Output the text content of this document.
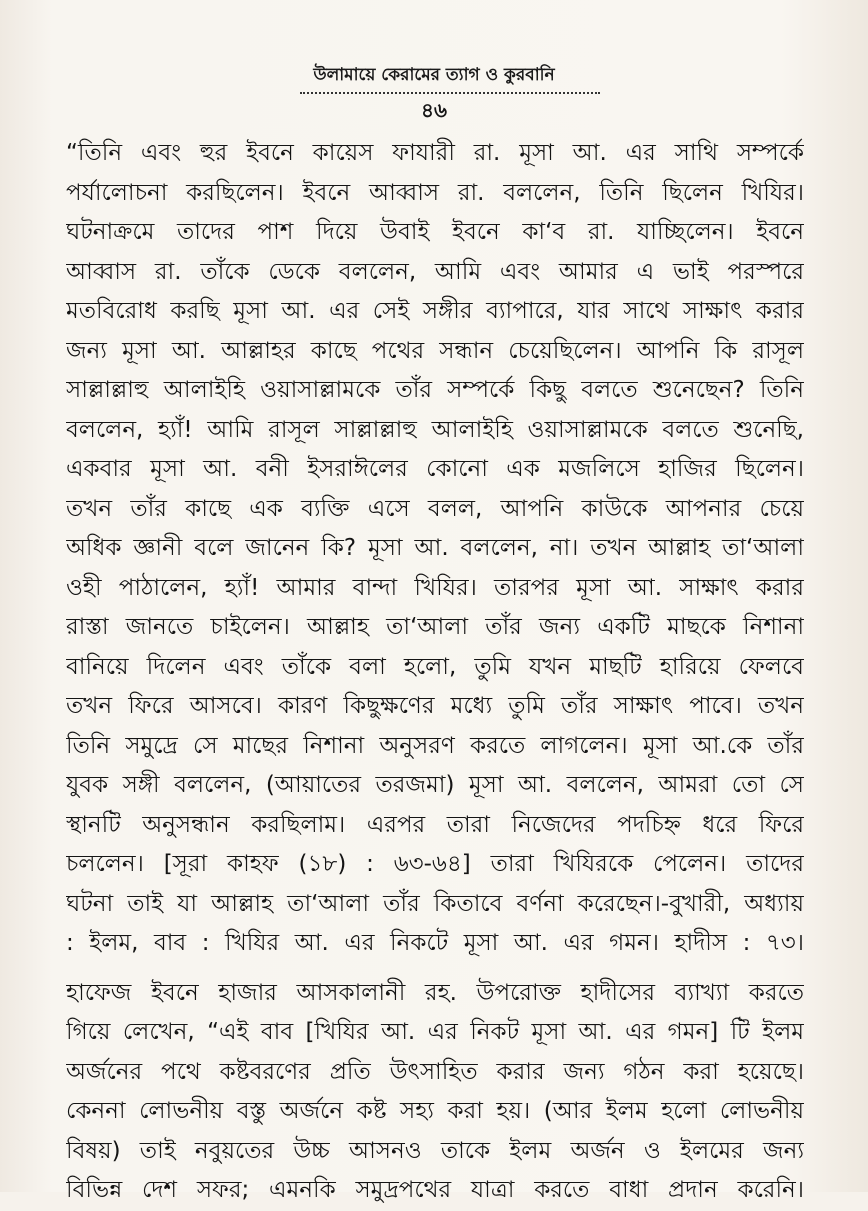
উলামায়ে কেরামের ত্যাগ ও কুরবানি
৪৬
“তিনি এবং হুর ইবনে কায়েস ফাযারী রা. মূসা আ. এর সাথি সম্পর্কে
পর্যালোচনা করছিলেন। ইবনে আব্বাস রা. বললেন, তিনি ছিলেন খিযির।
ঘটনাক্রমে তাদের পাশ দিয়ে উবাই ইবনে কা‘ব রা. যাচ্ছিলেন। ইবনে
আব্বাস রা. তাঁকে ডেকে বললেন, আমি এবং আমার এ ভাই পরস্পরে
মতবিরোধ করছি মূসা আ. এর সেই সঙ্গীর ব্যাপারে, যার সাথে সাক্ষাৎ করার
জন্য মূসা আ. আল্লাহর কাছে পথের সন্ধান চেয়েছিলেন। আপনি কি রাসূল
সাল্লাল্লাহু আলাইহি ওয়াসাল্লামকে তাঁর সম্পর্কে কিছু বলতে শুনেছেন? তিনি
বললেন, হ্যাঁ! আমি রাসূল সাল্লাল্লাহু আলাইহি ওয়াসাল্লামকে বলতে শুনেছি,
একবার মূসা আ. বনী ইসরাঈলের কোনো এক মজলিসে হাজির ছিলেন।
তখন তাঁর কাছে এক ব্যক্তি এসে বলল, আপনি কাউকে আপনার চেয়ে
অধিক জ্ঞানী বলে জানেন কি? মূসা আ. বললেন, না। তখন আল্লাহ তা‘আলা
ওহী পাঠালেন, হ্যাঁ! আমার বান্দা খিযির। তারপর মূসা আ. সাক্ষাৎ করার
রাস্তা জানতে চাইলেন। আল্লাহ তা‘আলা তাঁর জন্য একটি মাছকে নিশানা
বানিয়ে দিলেন এবং তাঁকে বলা হলো, তুমি যখন মাছটি হারিয়ে ফেলবে
তখন ফিরে আসবে। কারণ কিছুক্ষণের মধ্যে তুমি তাঁর সাক্ষাৎ পাবে। তখন
তিনি সমুদ্রে সে মাছের নিশানা অনুসরণ করতে লাগলেন। মূসা আ.কে তাঁর
যুবক সঙ্গী বললেন, (আয়াতের তরজমা) মূসা আ. বললেন, আমরা তো সে
স্থানটি অনুসন্ধান করছিলাম। এরপর তারা নিজেদের পদচিহ্ন ধরে ফিরে
চললেন। [সূরা কাহফ (১৮) : ৬৩-৬৪] তারা খিযিরকে পেলেন। তাদের
ঘটনা তাই যা আল্লাহ তা‘আলা তাঁর কিতাবে বর্ণনা করেছেন।-বুখারী, অধ্যায়
: ইলম, বাব : খিযির আ. এর নিকটে মূসা আ. এর গমন। হাদীস : ৭৩।
হাফেজ ইবনে হাজার আসকালানী রহ. উপরোক্ত হাদীসের ব্যাখ্যা করতে
গিয়ে লেখেন, “এই বাব [খিযির আ. এর নিকট মূসা আ. এর গমন] টি ইলম
অর্জনের পথে কষ্টবরণের প্রতি উৎসাহিত করার জন্য গঠন করা হয়েছে।
কেননা লোভনীয় বস্তু অর্জনে কষ্ট সহ্য করা হয়। (আর ইলম হলো লোভনীয়
বিষয়) তাই নবুয়তের উচ্চ আসনও তাকে ইলম অর্জন ও ইলমের জন্য
বিভিন্ন দেশ সফর; এমনকি সমুদ্রপথের যাত্রা করতে বাধা প্রদান করেনি।
